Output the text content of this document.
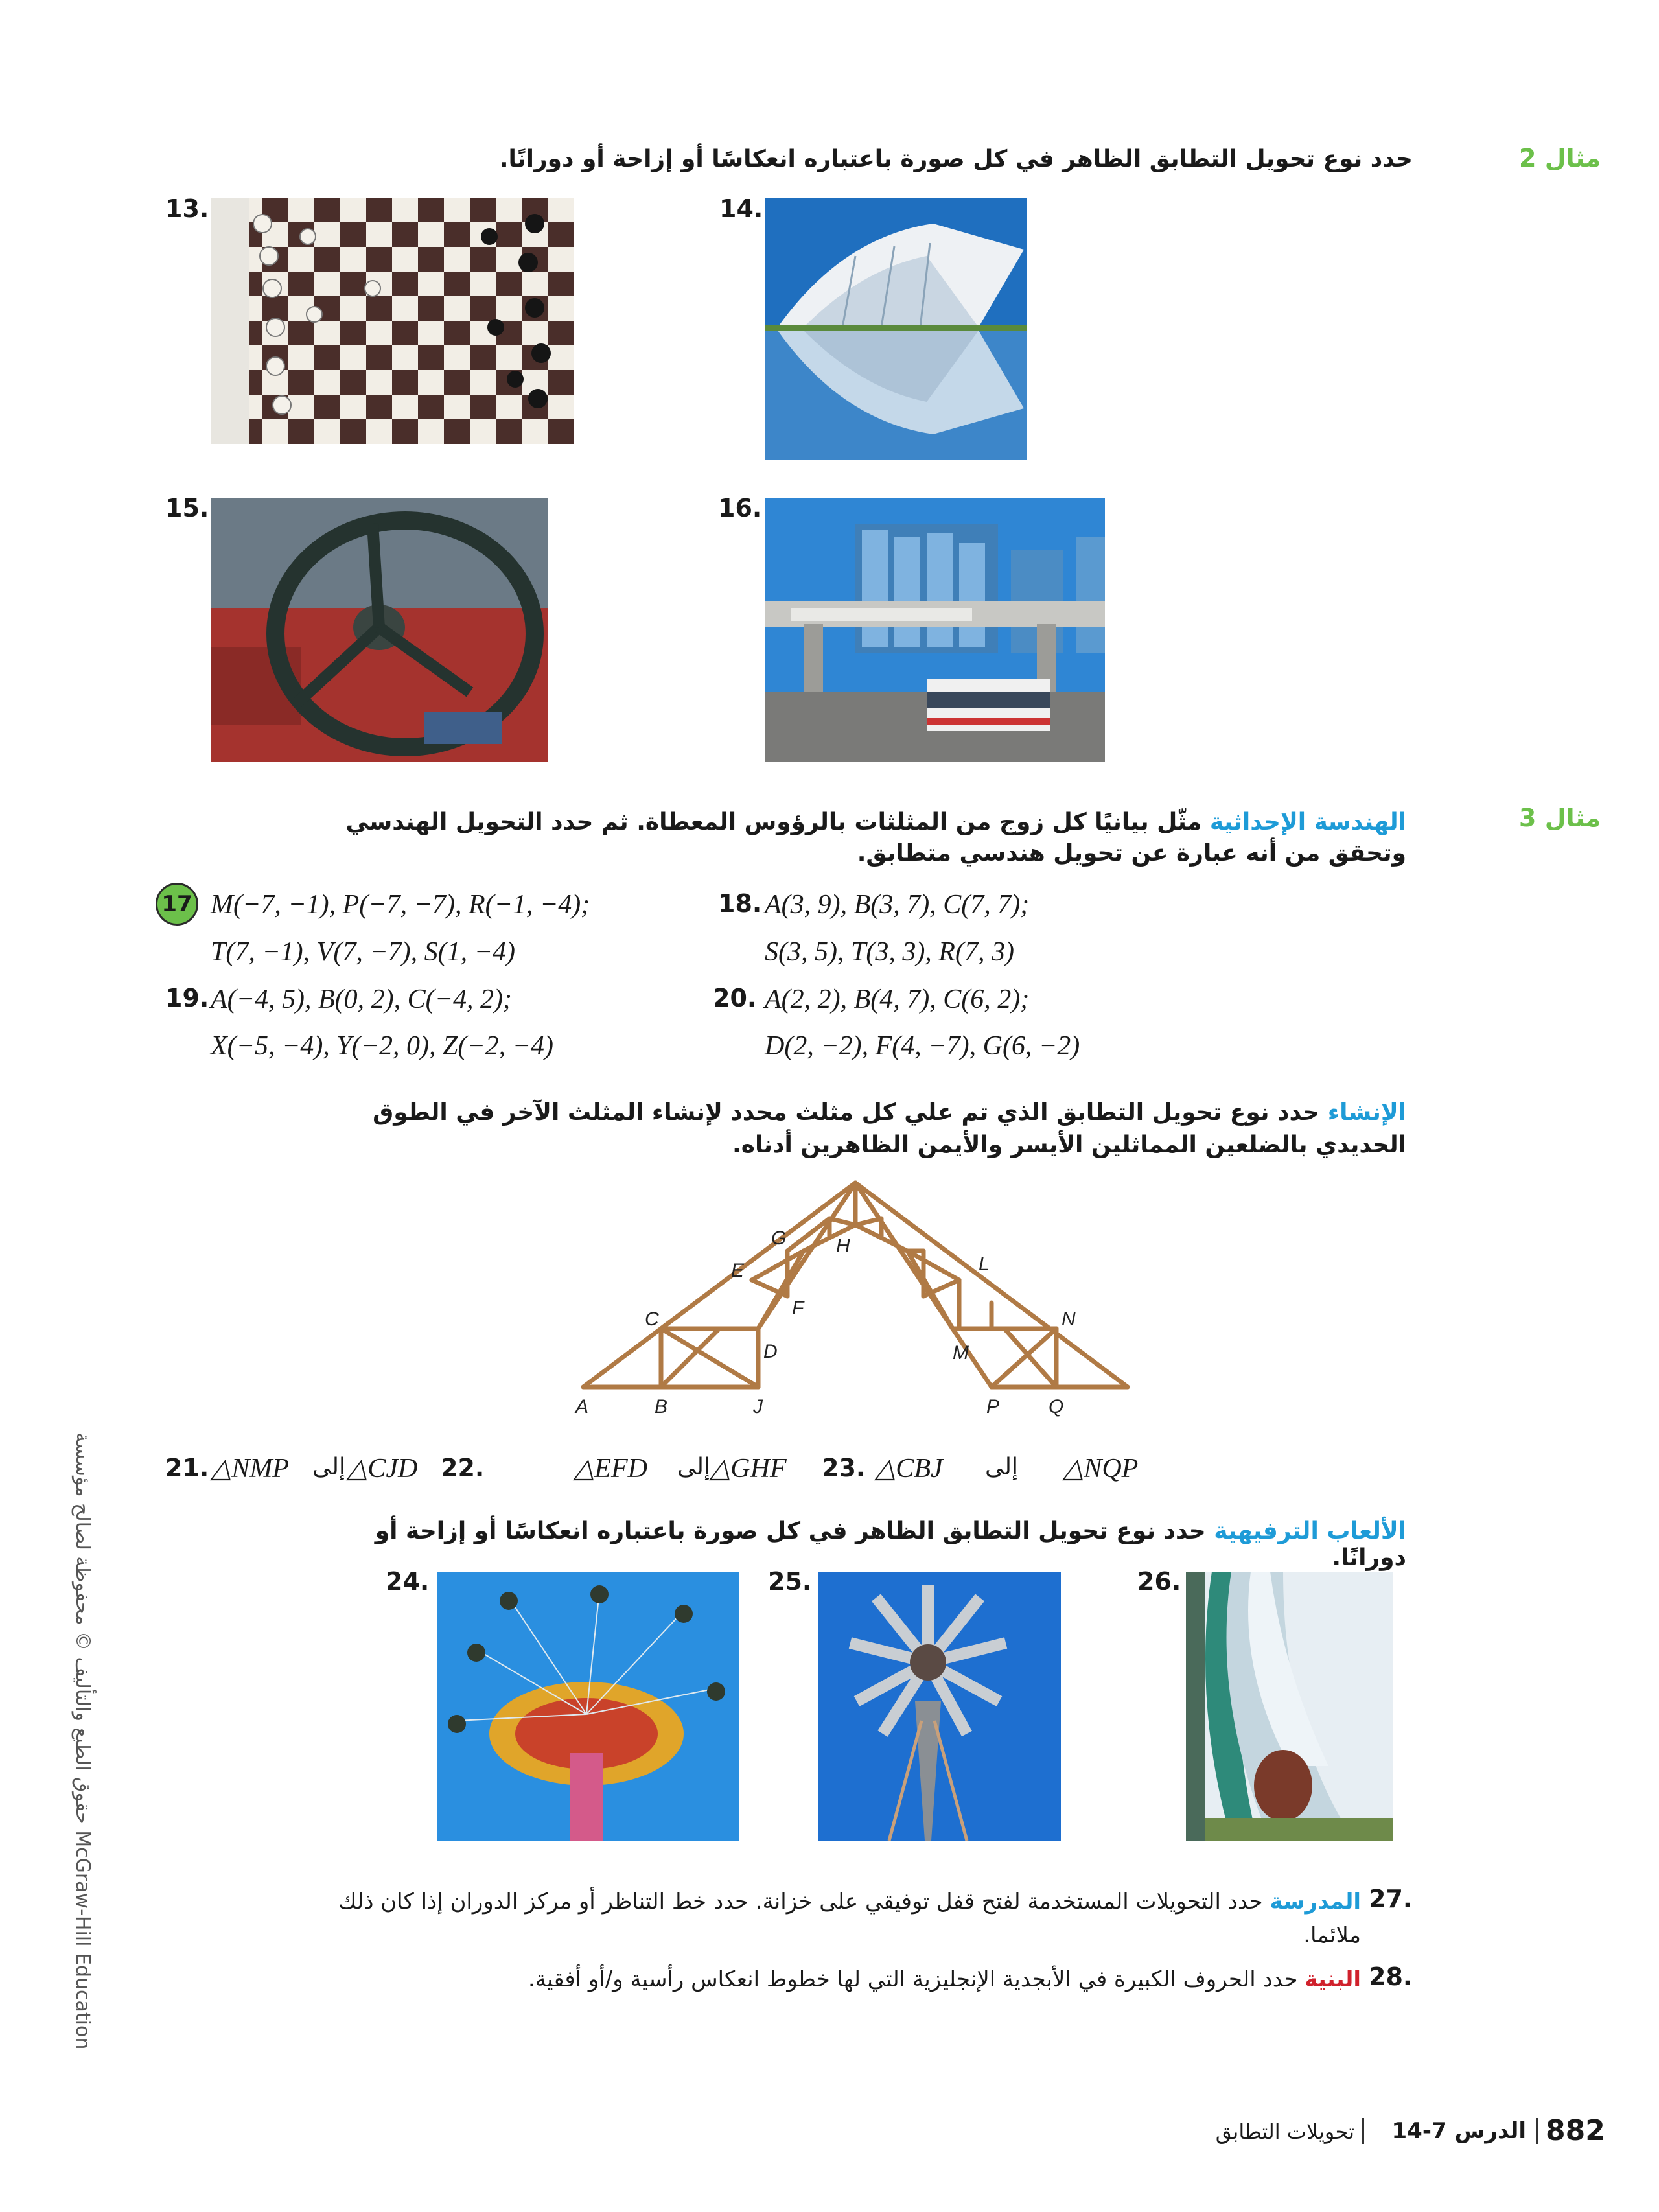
مثال 2
حدد نوع تحويل التطابق الظاهر في كل صورة باعتباره انعكاسًا أو إزاحة أو دورانًا.
13.	14.
15.	16.
مثال 3
الهندسة الإحداثية مثّل بيانيًا كل زوج من المثلثات بالرؤوس المعطاة. ثم حدد التحويل الهندسي وتحقق من أنه عبارة عن تحويل هندسي متطابق.
17 M(−7, −1), P(−7, −7), R(−1, −4);
T(7, −1), V(7, −7), S(1, −4)
18. A(3, 9), B(3, 7), C(7, 7);
S(3, 5), T(3, 3), R(7, 3)
19. A(−4, 5), B(0, 2), C(−4, 2);
X(−5, −4), Y(−2, 0), Z(−2, −4)
20. A(2, 2), B(4, 7), C(6, 2);
D(2, −2), F(4, −7), G(6, −2)
الإنشاء حدد نوع تحويل التطابق الذي تم علي كل مثلث محدد لإنشاء المثلث الآخر في الطوق الحديدي بالضلعين المماثلين الأيسر والأيمن الظاهرين أدناه.
A	B	J
C
D
E
F
G	H
L
M
N
P	Q
21. △NMP إلى △CJD 22.	△EFD إلى △GHF 23. △CBJ إلى △NQP
الألعاب الترفيهية حدد نوع تحويل التطابق الظاهر في كل صورة باعتباره انعكاسًا أو إزاحة أو دورانًا.
24.	25.	26.
27.
المدرسة حدد التحويلات المستخدمة لفتح قفل توفيقي على خزانة. حدد خط التناظر أو مركز الدوران إذا كان ذلك ملائما.
28.
البنية حدد الحروف الكبيرة في الأبجدية الإنجليزية التي لها خطوط انعكاس رأسية و/أو أفقية.
حقوق الطبع والتأليف © محفوظة لصالح مؤسسة McGraw-Hill Education
882
الدرس 7-14
تحويلات التطابق
